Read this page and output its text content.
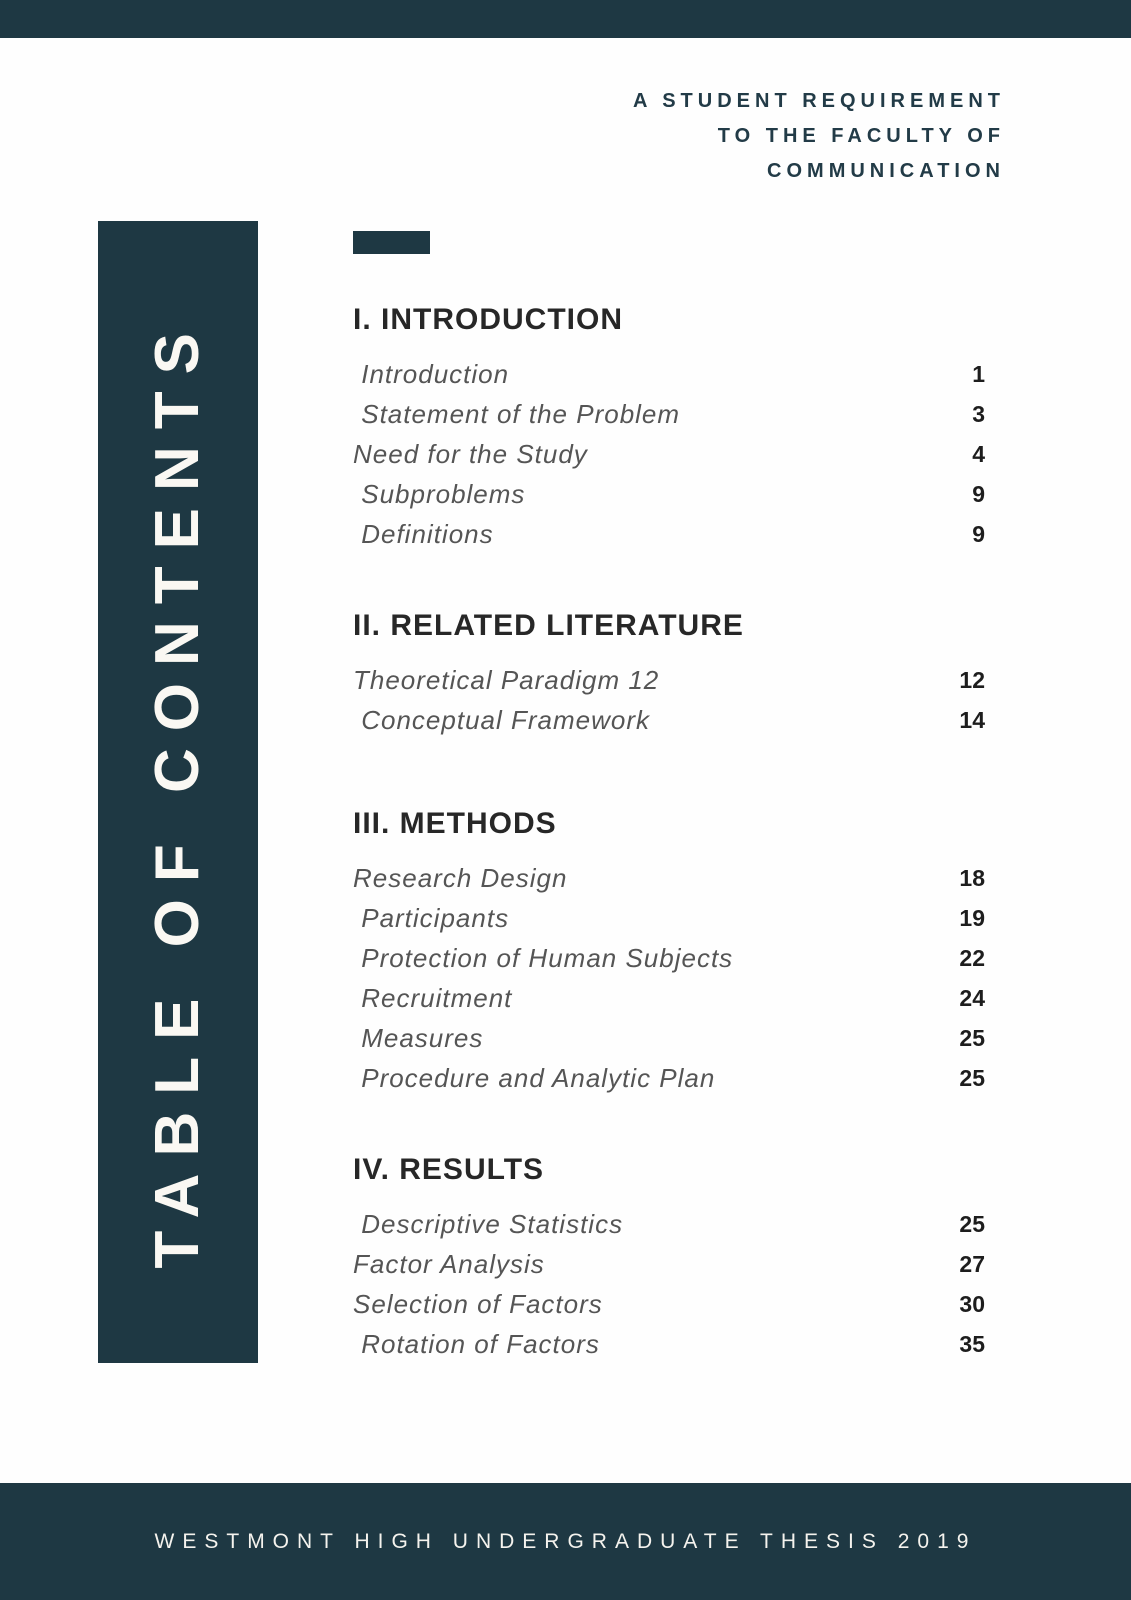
A STUDENT REQUIREMENT
TO THE FACULTY OF
COMMUNICATION
TABLE OF CONTENTS	I. INTRODUCTION
Introduction	1
Statement of the Problem	3
Need for the Study	4
Subproblems	9
Definitions	9
II. RELATED LITERATURE
Theoretical Paradigm 12	12
Conceptual Framework	14
III. METHODS
Research Design	18
Participants	19
Protection of Human Subjects	22
Recruitment	24
Measures	25
Procedure and Analytic Plan	25
IV. RESULTS
Descriptive Statistics	25
Factor Analysis	27
Selection of Factors	30
Rotation of Factors	35
WESTMONT HIGH UNDERGRADUATE THESIS 2019
